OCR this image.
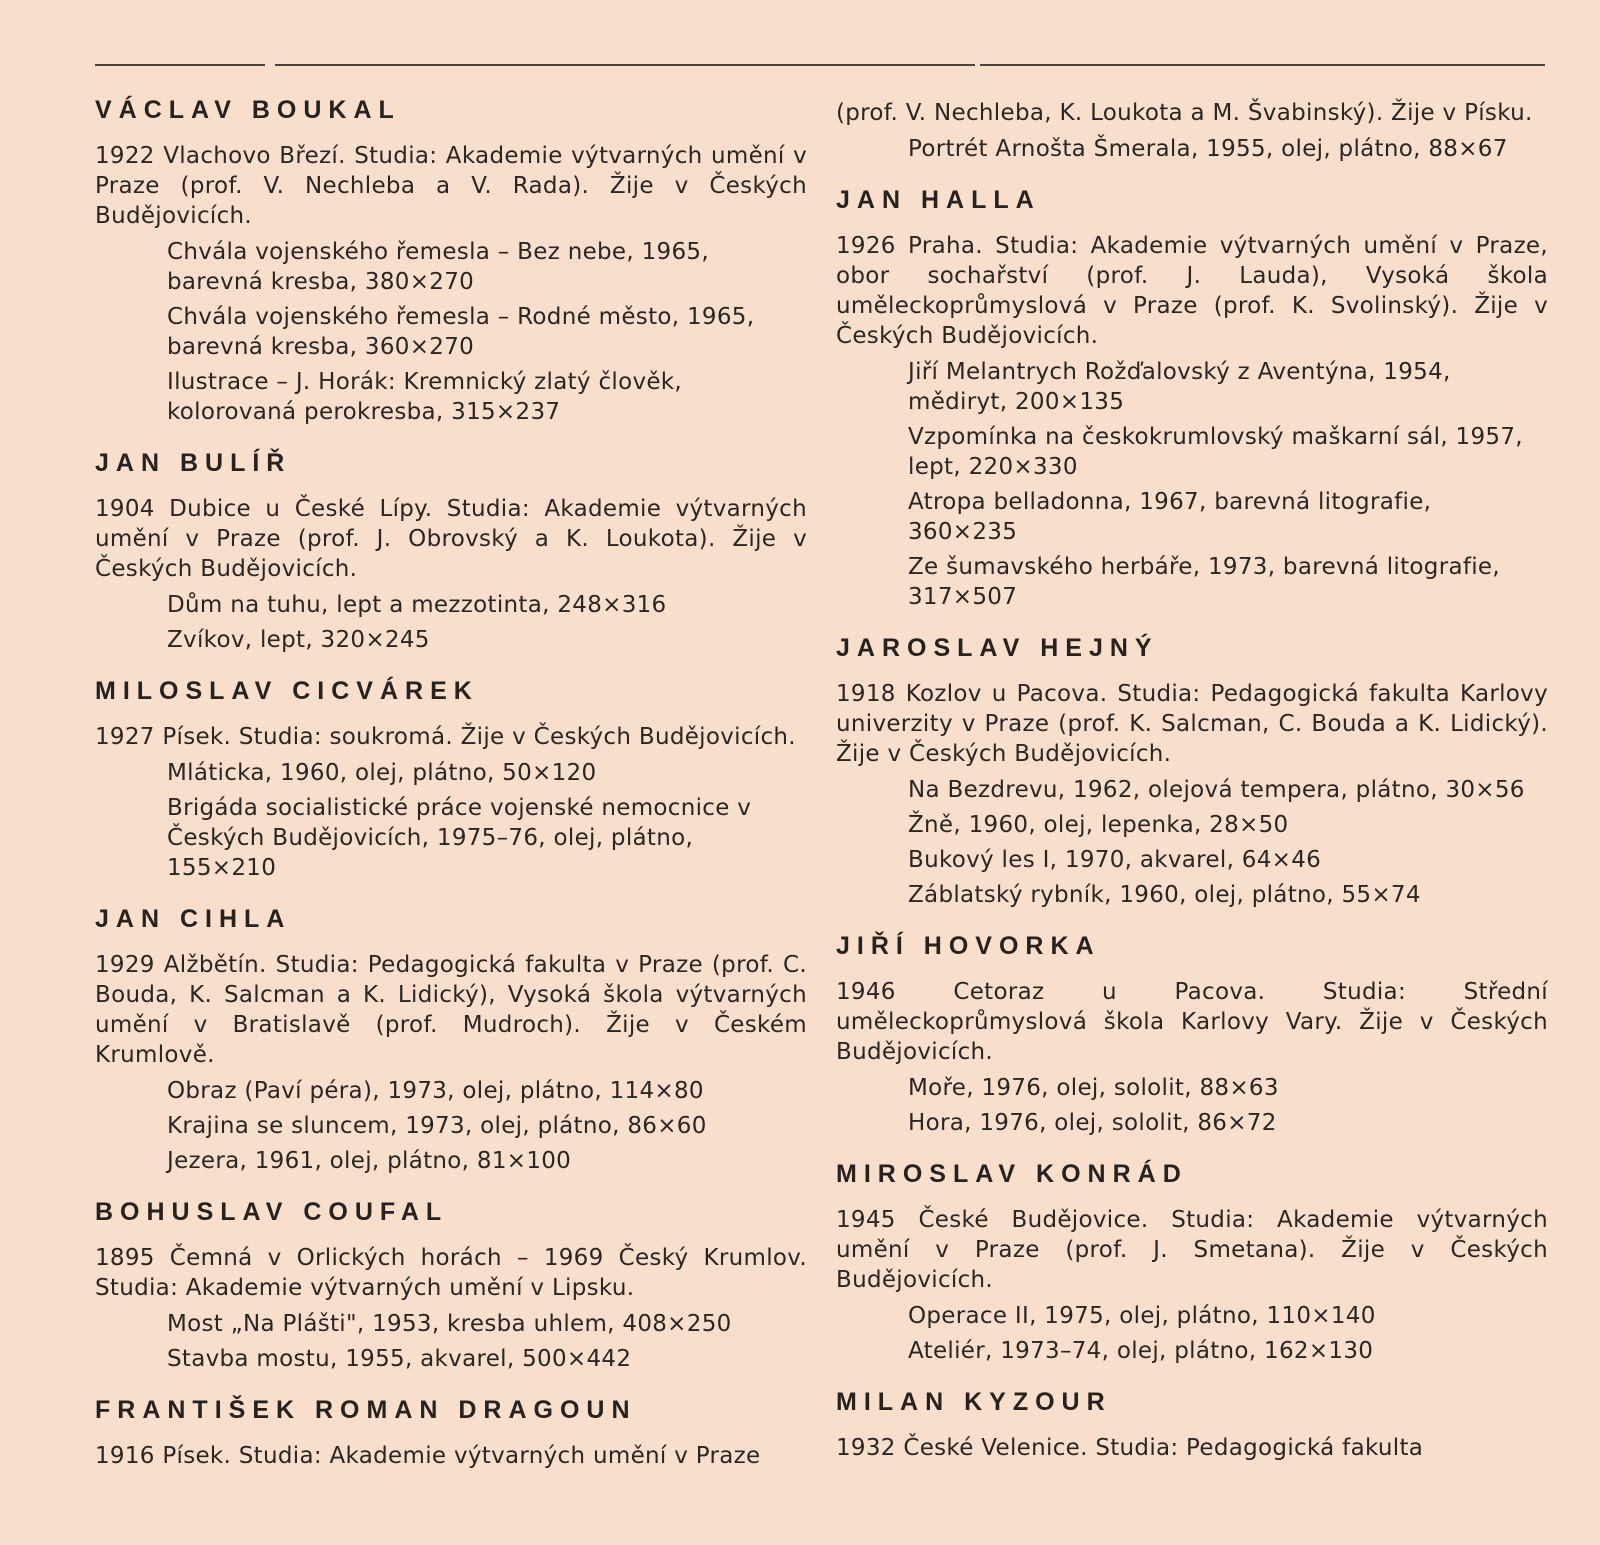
VÁCLAV BOUKAL

1922 Vlachovo Březí. Studia: Akademie výtvarných umění v Praze (prof. V. Nechleba a V. Rada). Žije v Českých Budějovicích.

Chvála vojenského řemesla – Bez nebe, 1965, barevná kresba, 380×270

Chvála vojenského řemesla – Rodné město, 1965, barevná kresba, 360×270

Ilustrace – J. Horák: Kremnický zlatý člověk, kolorovaná perokresba, 315×237

JAN BULÍŘ

1904 Dubice u České Lípy. Studia: Akademie výtvarných umění v Praze (prof. J. Obrovský a K. Loukota). Žije v Českých Budějovicích.

Dům na tuhu, lept a mezzotinta, 248×316

Zvíkov, lept, 320×245

MILOSLAV CICVÁREK

1927 Písek. Studia: soukromá. Žije v Českých Budějovicích.

Mláticka, 1960, olej, plátno, 50×120

Brigáda socialistické práce vojenské nemocnice v Českých Budějovicích, 1975–76, olej, plátno, 155×210

JAN CIHLA

1929 Alžbětín. Studia: Pedagogická fakulta v Praze (prof. C. Bouda, K. Salcman a K. Lidický), Vysoká škola výtvarných umění v Bratislavě (prof. Mudroch). Žije v Českém Krumlově.

Obraz (Paví péra), 1973, olej, plátno, 114×80

Krajina se sluncem, 1973, olej, plátno, 86×60

Jezera, 1961, olej, plátno, 81×100

BOHUSLAV COUFAL

1895 Čemná v Orlických horách – 1969 Český Krumlov. Studia: Akademie výtvarných umění v Lipsku.

Most „Na Plášti", 1953, kresba uhlem, 408×250

Stavba mostu, 1955, akvarel, 500×442

FRANTIŠEK ROMAN DRAGOUN

1916 Písek. Studia: Akademie výtvarných umění v Praze

(prof. V. Nechleba, K. Loukota a M. Švabinský). Žije v Písku.

Portrét Arnošta Šmerala, 1955, olej, plátno, 88×67

JAN HALLA

1926 Praha. Studia: Akademie výtvarných umění v Praze, obor sochařství (prof. J. Lauda), Vysoká škola uměleckoprůmyslová v Praze (prof. K. Svolinský). Žije v Českých Budějovicích.

Jiří Melantrych Rožďalovský z Aventýna, 1954, mědiryt, 200×135

Vzpomínka na českokrumlovský maškarní sál, 1957, lept, 220×330

Atropa belladonna, 1967, barevná litografie, 360×235

Ze šumavského herbáře, 1973, barevná litografie, 317×507

JAROSLAV HEJNÝ

1918 Kozlov u Pacova. Studia: Pedagogická fakulta Karlovy univerzity v Praze (prof. K. Salcman, C. Bouda a K. Lidický). Žije v Českých Budějovicích.

Na Bezdrevu, 1962, olejová tempera, plátno, 30×56

Žně, 1960, olej, lepenka, 28×50

Bukový les I, 1970, akvarel, 64×46

Záblatský rybník, 1960, olej, plátno, 55×74

JIŘÍ HOVORKA

1946 Cetoraz u Pacova. Studia: Střední uměleckoprůmyslová škola Karlovy Vary. Žije v Českých Budějovicích.

Moře, 1976, olej, sololit, 88×63

Hora, 1976, olej, sololit, 86×72

MIROSLAV KONRÁD

1945 České Budějovice. Studia: Akademie výtvarných umění v Praze (prof. J. Smetana). Žije v Českých Budějovicích.

Operace II, 1975, olej, plátno, 110×140

Ateliér, 1973–74, olej, plátno, 162×130

MILAN KYZOUR

1932 České Velenice. Studia: Pedagogická fakulta
